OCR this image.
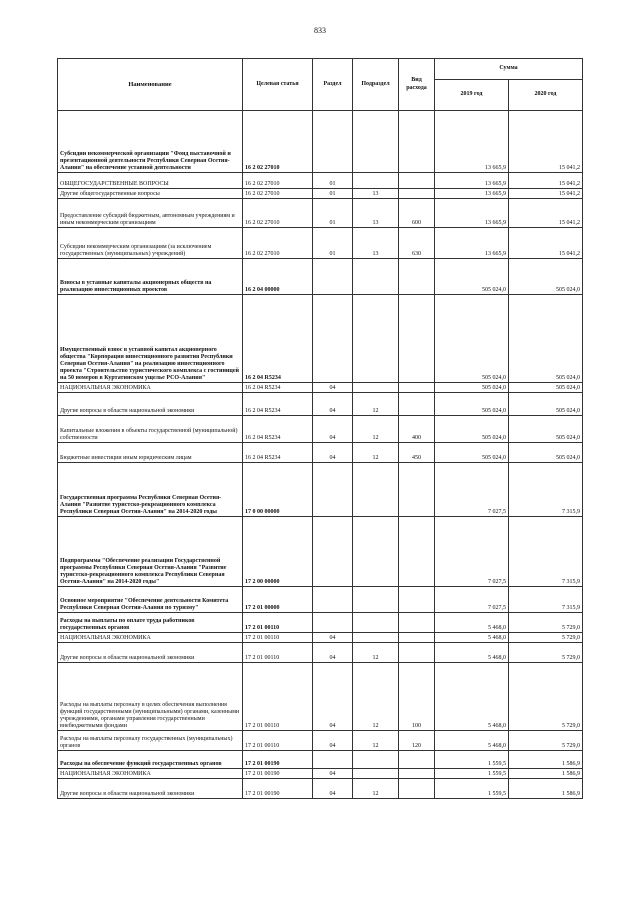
833
Наименование	Целевая статья	Раздел	Подраздел	Вид расхода	Сумма	
					2019 год	2020 год
Субсидии некоммерческой организации "Фонд выставочной и презентационной деятельности Республики Северная Осетия-Алания" на обеспечение уставной деятельности	16 2 02 27010				13 665,9	15 041,2
ОБЩЕГОСУДАРСТВЕННЫЕ ВОПРОСЫ	16 2 02 27010	01			13 665,9	15 041,2
Другие общегосударственные вопросы	16 2 02 27010	01	13		13 665,9	15 041,2
Предоставление субсидий бюджетным, автономным учреждениям и иным некоммерческим организациям	16 2 02 27010	01	13	600	13 665,9	15 041,2
Субсидии некоммерческим организациям (за исключением государственных (муниципальных) учреждений)	16 2 02 27010	01	13	630	13 665,9	15 041,2
Взносы в уставные капиталы акционерных обществ на реализацию инвестиционных проектов	16 2 04 00000				505 024,0	505 024,0
Имущественный взнос в уставной капитал акционерного общества "Корпорация инвестиционного развития Республики Северная Осетия-Алания" на реализацию инвестиционного проекта "Строительство туристического комплекса с гостиницей на 50 номеров в Куртатинском ущелье РСО-Алания"	16 2 04 R5234				505 024,0	505 024,0
НАЦИОНАЛЬНАЯ ЭКОНОМИКА	16 2 04 R5234	04			505 024,0	505 024,0
Другие вопросы в области национальной экономики	16 2 04 R5234	04	12		505 024,0	505 024,0
Капитальные вложения в объекты государственной (муниципальной) собственности	16 2 04 R5234	04	12	400	505 024,0	505 024,0
Бюджетные инвестиции иным юридическим лицам	16 2 04 R5234	04	12	450	505 024,0	505 024,0
Государственная программа Республики Северная Осетия-Алания "Развитие туристско-рекреационного комплекса Республики Северная Осетия-Алания" на 2014-2020 годы	17 0 00 00000				7 027,5	7 315,9
Подпрограмма "Обеспечение реализации Государственной программы Республики Северная Осетия-Алания "Развитие туристско-рекреационного комплекса Республики Северная Осетия-Алания" на 2014-2020 годы"	17 2 00 00000				7 027,5	7 315,9
Основное мероприятие "Обеспечение деятельности Комитета Республики Северная Осетия-Алания по туризму"	17 2 01 00000				7 027,5	7 315,9
Расходы на выплаты по оплате труда работников государственных органов	17 2 01 00110				5 468,0	5 729,0
НАЦИОНАЛЬНАЯ ЭКОНОМИКА	17 2 01 00110	04			5 468,0	5 729,0
Другие вопросы в области национальной экономики	17 2 01 00110	04	12		5 468,0	5 729,0
Расходы на выплаты персоналу в целях обеспечения выполнения функций государственными (муниципальными) органами, казенными учреждениями, органами управления государственными внебюджетными фондами	17 2 01 00110	04	12	100	5 468,0	5 729,0
Расходы на выплаты персоналу государственных (муниципальных) органов	17 2 01 00110	04	12	120	5 468,0	5 729,0
Расходы на обеспечение функций государственных органов	17 2 01 00190				1 559,5	1 586,9
НАЦИОНАЛЬНАЯ ЭКОНОМИКА	17 2 01 00190	04			1 559,5	1 586,9
Другие вопросы в области национальной экономики	17 2 01 00190	04	12		1 559,5	1 586,9
